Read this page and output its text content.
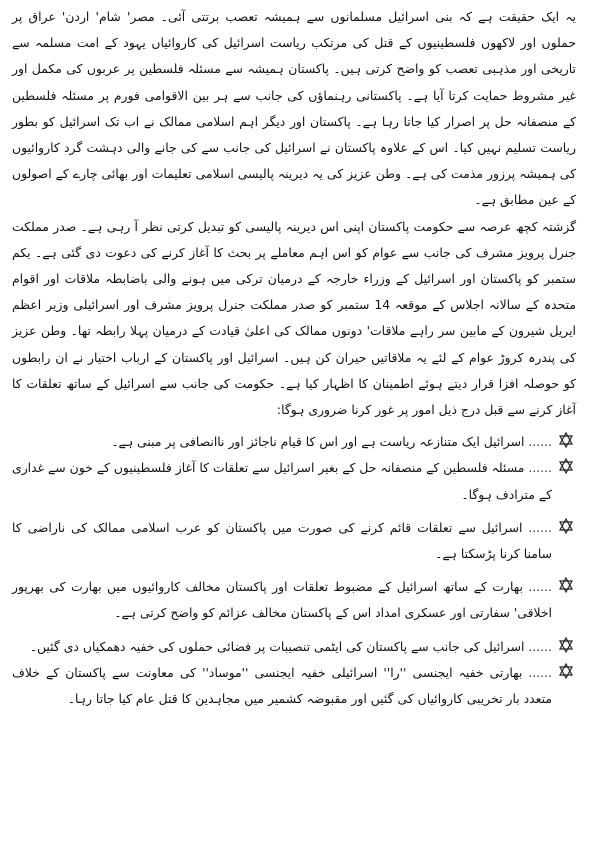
یہ ایک حقیقت ہے کہ بنی اسرائیل مسلمانوں سے ہمیشہ تعصب برتتی آئی۔ مصر' شام' اردن' عراق پر حملوں اور لاکھوں فلسطینیوں کے قتل کی مرتکب ریاست اسرائیل کی کاروائیاں یہود کے امت مسلمہ سے تاریخی اور مذہبی تعصب کو واضح کرتی ہیں۔ پاکستان ہمیشہ سے مسئلہ فلسطین پر عربوں کی مکمل اور غیر مشروط حمایت کرتا آیا ہے۔ پاکستانی رہنماؤں کی جانب سے ہر بین الاقوامی فورم پر مسئلہ فلسطین کے منصفانہ حل پر اصرار کیا جاتا رہا ہے۔ پاکستان اور دیگر اہم اسلامی ممالک نے اب تک اسرائیل کو بطور ریاست تسلیم نہیں کیا۔ اس کے علاوہ پاکستان نے اسرائیل کی جانب سے کی جانے والی دہشت گرد کاروائیوں کی ہمیشہ پرزور مذمت کی ہے۔ وطن عزیز کی یہ دیرینہ پالیسی اسلامی تعلیمات اور بھائی چارے کے اصولوں کے عین مطابق ہے۔

گزشتہ کچھ عرصہ سے حکومت پاکستان اپنی اس دیرینہ پالیسی کو تبدیل کرتی نظر آ رہی ہے۔ صدر مملکت جنرل پرویز مشرف کی جانب سے عوام کو اس اہم معاملے پر بحث کا آغاز کرنے کی دعوت دی گئی ہے۔ یکم ستمبر کو پاکستان اور اسرائیل کے وزراء خارجہ کے درمیان ترکی میں ہونے والی باضابطہ ملاقات اور اقوام متحدہ کے سالانہ اجلاس کے موقعہ 14 ستمبر کو صدر مملکت جنرل پرویز مشرف اور اسرائیلی وزیر اعظم ایریل شیرون کے مابین سر راہے ملاقات' دونوں ممالک کی اعلیٰ قیادت کے درمیان پہلا رابطہ تھا۔ وطن عزیز کی پندرہ کروڑ عوام کے لئے یہ ملاقاتیں حیران کن ہیں۔ اسرائیل اور پاکستان کے ارباب اختیار نے ان رابطوں کو حوصلہ افزا قرار دیتے ہوئے اطمینان کا اظہار کیا ہے۔ حکومت کی جانب سے اسرائیل کے ساتھ تعلقات کا آغاز کرنے سے قبل درج ذیل امور پر غور کرنا ضروری ہوگا:

...... اسرائیل ایک متنازعہ ریاست ہے اور اس کا قیام ناجائز اور ناانصافی پر مبنی ہے۔

...... مسئلہ فلسطین کے منصفانہ حل کے بغیر اسرائیل سے تعلقات کا آغاز فلسطینیوں کے خون سے غداری کے مترادف ہوگا۔

...... اسرائیل سے تعلقات قائم کرنے کی صورت میں پاکستان کو عرب اسلامی ممالک کی ناراضی کا سامنا کرنا پڑسکتا ہے۔

...... بھارت کے ساتھ اسرائیل کے مضبوط تعلقات اور پاکستان مخالف کاروائیوں میں بھارت کی بھرپور اخلاقی' سفارتی اور عسکری امداد اس کے پاکستان مخالف عزائم کو واضح کرتی ہے۔

...... اسرائیل کی جانب سے پاکستان کی ایٹمی تنصیبات پر فضائی حملوں کی خفیہ دھمکیاں دی گئیں۔

...... بھارتی خفیہ ایجنسی ''را'' اسرائیلی خفیہ ایجنسی ''موساد'' کی معاونت سے پاکستان کے خلاف متعدد بار تخریبی کاروائیاں کی گئیں اور مقبوضہ کشمیر میں مجاہدین کا قتل عام کیا جاتا رہا۔
